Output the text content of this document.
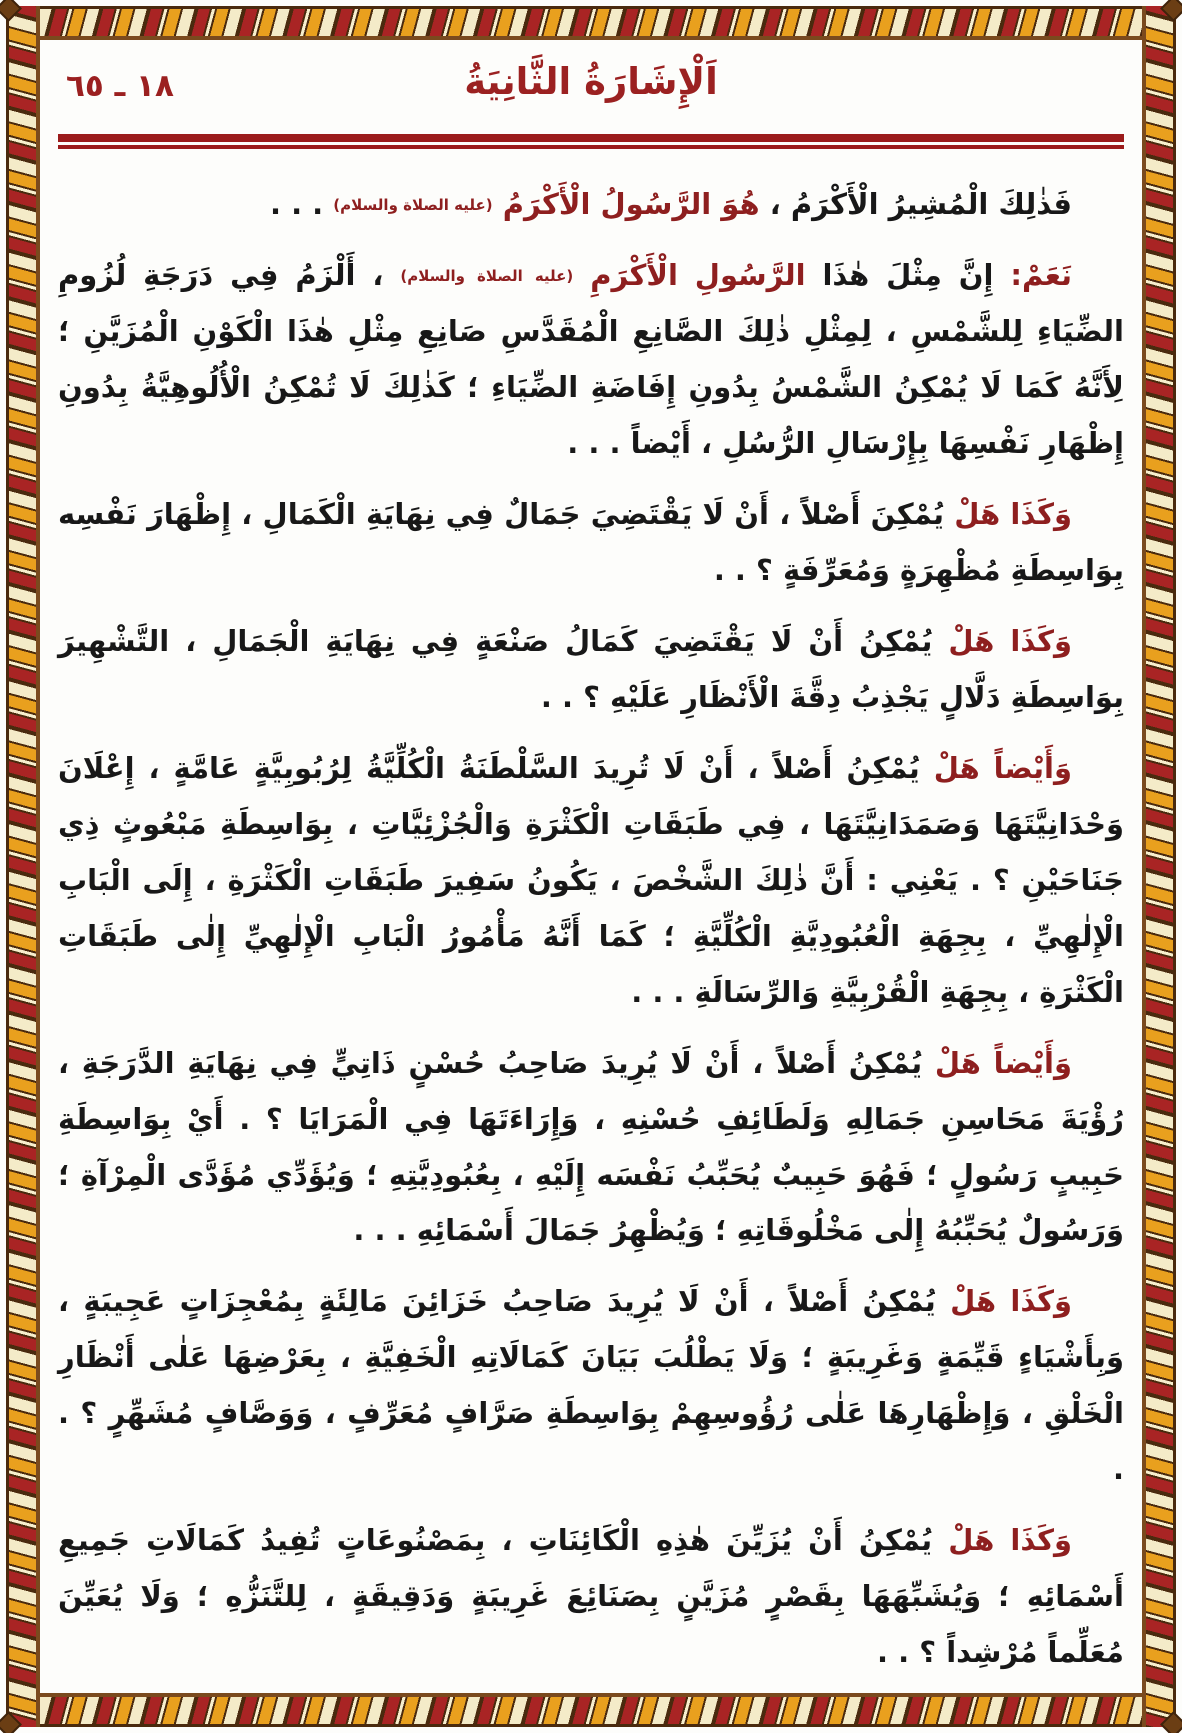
١٨ ـ ٦٥	اَلْإِشَارَةُ الثَّانِيَةُ

فَذٰلِكَ الْمُشِيرُ الْأَكْرَمُ ، هُوَ الرَّسُولُ الْأَكْرَمُ (عليه الصلاة والسلام) . . .

نَعَمْ: إِنَّ مِثْلَ هٰذَا الرَّسُولِ الْأَكْرَمِ (عليه الصلاة والسلام) ، أَلْزَمُ فِي دَرَجَةِ لُزُومِ الضِّيَاءِ لِلشَّمْسِ ، لِمِثْلِ ذٰلِكَ الصَّانِعِ الْمُقَدَّسِ صَانِعِ مِثْلِ هٰذَا الْكَوْنِ الْمُزَيَّنِ ؛ لِأَنَّهُ كَمَا لَا يُمْكِنُ الشَّمْسُ بِدُونِ إِفَاضَةِ الضِّيَاءِ ؛ كَذٰلِكَ لَا تُمْكِنُ الْأُلُوهِيَّةُ بِدُونِ إِظْهَارِ نَفْسِهَا بِإِرْسَالِ الرُّسُلِ ، أَيْضاً . . .

وَكَذَا هَلْ يُمْكِنَ أَصْلاً ، أَنْ لَا يَقْتَضِيَ جَمَالٌ فِي نِهَايَةِ الْكَمَالِ ، إِظْهَارَ نَفْسِه بِوَاسِطَةِ مُظْهِرَةٍ وَمُعَرِّفَةٍ ؟ . .

وَكَذَا هَلْ يُمْكِنُ أَنْ لَا يَقْتَضِيَ كَمَالُ صَنْعَةٍ فِي نِهَايَةِ الْجَمَالِ ، التَّشْهِيرَ بِوَاسِطَةِ دَلَّالٍ يَجْذِبُ دِقَّةَ الْأَنْظَارِ عَلَيْهِ ؟ . .

وَأَيْضاً هَلْ يُمْكِنُ أَصْلاً ، أَنْ لَا تُرِيدَ السَّلْطَنَةُ الْكُلِّيَّةُ لِرُبُوبِيَّةٍ عَامَّةٍ ، إِعْلَانَ وَحْدَانِيَّتَهَا وَصَمَدَانِيَّتَهَا ، فِي طَبَقَاتِ الْكَثْرَةِ وَالْجُزْئِيَّاتِ ، بِوَاسِطَةِ مَبْعُوثٍ ذِي جَنَاحَيْنِ ؟ . يَعْنِي : أَنَّ ذٰلِكَ الشَّخْصَ ، يَكُونُ سَفِيرَ طَبَقَاتِ الْكَثْرَةِ ، إِلَى الْبَابِ الْإِلٰهِيِّ ، بِجِهَةِ الْعُبُودِيَّةِ الْكُلِّيَّةِ ؛ كَمَا أَنَّهُ مَأْمُورُ الْبَابِ الْإِلٰهِيِّ إِلٰى طَبَقَاتِ الْكَثْرَةِ ، بِجِهَةِ الْقُرْبِيَّةِ وَالرِّسَالَةِ . . .

وَأَيْضاً هَلْ يُمْكِنُ أَصْلاً ، أَنْ لَا يُرِيدَ صَاحِبُ حُسْنٍ ذَاتِيٍّ فِي نِهَايَةِ الدَّرَجَةِ ، رُؤْيَةَ مَحَاسِنِ جَمَالِهِ وَلَطَائِفِ حُسْنِهِ ، وَإِرَاءَتَهَا فِي الْمَرَايَا ؟ . أَيْ بِوَاسِطَةِ حَبِيبٍ رَسُولٍ ؛ فَهُوَ حَبِيبٌ يُحَبِّبُ نَفْسَه إِلَيْهِ ، بِعُبُودِيَّتِهِ ؛ وَيُؤَدِّي مُؤَدَّى الْمِرْآةِ ؛ وَرَسُولٌ يُحَبِّبُهُ إِلٰى مَخْلُوقَاتِهِ ؛ وَيُظْهِرُ جَمَالَ أَسْمَائِهِ . . .

وَكَذَا هَلْ يُمْكِنُ أَصْلاً ، أَنْ لَا يُرِيدَ صَاحِبُ خَزَائِنَ مَالِئَةٍ بِمُعْجِزَاتٍ عَجِيبَةٍ ، وَبِأَشْيَاءٍ قَيِّمَةٍ وَغَرِيبَةٍ ؛ وَلَا يَطْلُبَ بَيَانَ كَمَالَاتِهِ الْخَفِيَّةِ ، بِعَرْضِهَا عَلٰى أَنْظَارِ الْخَلْقِ ، وَإِظْهَارِهَا عَلٰى رُؤُوسِهِمْ بِوَاسِطَةِ صَرَّافٍ مُعَرِّفٍ ، وَوَصَّافٍ مُشَهِّرٍ ؟ . .

وَكَذَا هَلْ يُمْكِنُ أَنْ يُزَيِّنَ هٰذِهِ الْكَائِنَاتِ ، بِمَصْنُوعَاتٍ تُفِيدُ كَمَالَاتِ جَمِيعِ أَسْمَائِهِ ؛ وَيُشَبِّهَهَا بِقَصْرٍ مُزَيَّنٍ بِصَنَائِعَ غَرِيبَةٍ وَدَقِيقَةٍ ، لِلتَّنَزُّهِ ؛ وَلَا يُعَيِّنَ مُعَلِّماً مُرْشِداً ؟ . .
